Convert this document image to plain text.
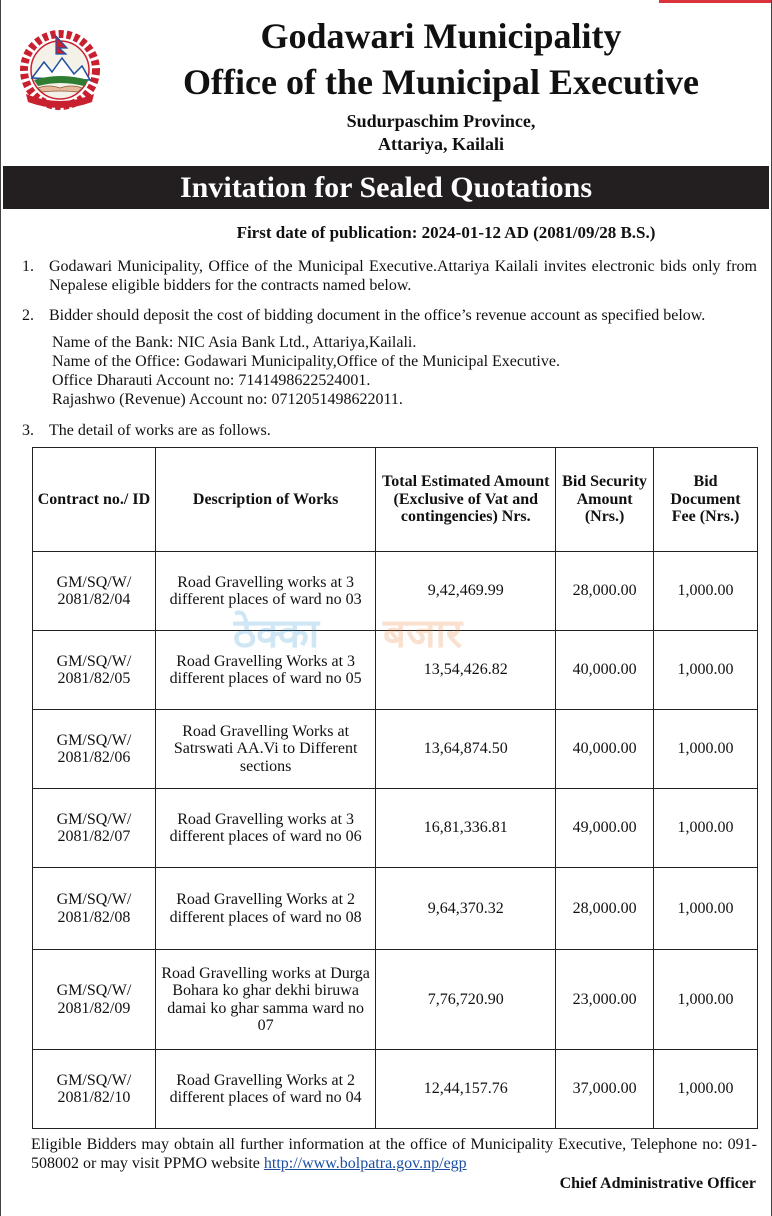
Godawari Municipality
Office of the Municipal Executive
Sudurpaschim Province,
Attariya, Kailali
Invitation for Sealed Quotations
First date of publication: 2024-01-12 AD (2081/09/28 B.S.)
1. Godawari Municipality, Office of the Municipal Executive.Attariya Kailali invites electronic bids only from Nepalese eligible bidders for the contracts named below.
2. Bidder should deposit the cost of bidding document in the office’s revenue account as specified below.
Name of the Bank: NIC Asia Bank Ltd., Attariya,Kailali.
Name of the Office: Godawari Municipality,Office of the Municipal Executive.
Office Dharauti Account no: 7141498622524001.
Rajashwo (Revenue) Account no: 0712051498622011.
3. The detail of works are as follows.
Contract no./ ID	Description of Works	Total Estimated Amount (Exclusive of Vat and contingencies) Nrs.	Bid Security Amount (Nrs.)	Bid Document Fee (Nrs.)
GM/SQ/W/ 2081/82/04	Road Gravelling works at 3 different places of ward no 03	9,42,469.99	28,000.00	1,000.00
GM/SQ/W/ 2081/82/05	Road Gravelling Works at 3 different places of ward no 05	13,54,426.82	40,000.00	1,000.00
GM/SQ/W/ 2081/82/06	Road Gravelling Works at Satrswati AA.Vi to Different sections	13,64,874.50	40,000.00	1,000.00
GM/SQ/W/ 2081/82/07	Road Gravelling works at 3 different places of ward no 06	16,81,336.81	49,000.00	1,000.00
GM/SQ/W/ 2081/82/08	Road Gravelling Works at 2 different places of ward no 08	9,64,370.32	28,000.00	1,000.00
GM/SQ/W/ 2081/82/09	Road Gravelling works at Durga Bohara ko ghar dekhi biruwa damai ko ghar samma ward no 07	7,76,720.90	23,000.00	1,000.00
GM/SQ/W/ 2081/82/10	Road Gravelling Works at 2 different places of ward no 04	12,44,157.76	37,000.00	1,000.00
ठेक्का बजार
Eligible Bidders may obtain all further information at the office of Municipality Executive, Telephone no: 091-508002 or may visit PPMO website http://www.bolpatra.gov.np/egp
Chief Administrative Officer
